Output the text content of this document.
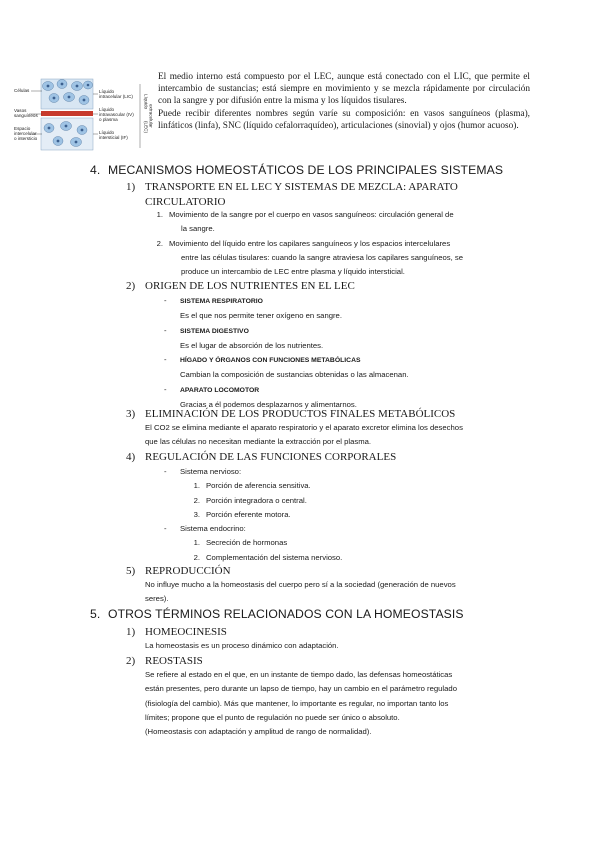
Células
Vasos
sanguíneos
Espacio
intercelular
o intersticio
Líquido
intracelular (LIC)
Líquido
intravascular (IV)
o plasma
Líquido
intersticial (IF)
Líquido
extracelular
(LEC)

El medio interno está compuesto por el LEC, aunque está conectado con el LIC, que permite el intercambio de sustancias; está siempre en movimiento y se mezcla rápidamente por circulación con la sangre y por difusión entre la misma y los líquidos tisulares.

Puede recibir diferentes nombres según varíe su composición: en vasos sanguíneos (plasma), linfáticos (linfa), SNC (líquido cefalorraquídeo), articulaciones (sinovial) y ojos (humor acuoso).

4. MECANISMOS HOMEOSTÁTICOS DE LOS PRINCIPALES SISTEMAS
1) TRANSPORTE EN EL LEC Y SISTEMAS DE MEZCLA: APARATO
CIRCULATORIO
1. Movimiento de la sangre por el cuerpo en vasos sanguíneos: circulación general de
la sangre.
2. Movimiento del líquido entre los capilares sanguíneos y los espacios intercelulares
entre las células tisulares: cuando la sangre atraviesa los capilares sanguíneos, se
produce un intercambio de LEC entre plasma y líquido intersticial.
2) ORIGEN DE LOS NUTRIENTES EN EL LEC
- SISTEMA RESPIRATORIO
Es el que nos permite tener oxígeno en sangre.
- SISTEMA DIGESTIVO
Es el lugar de absorción de los nutrientes.
- HÍGADO Y ÓRGANOS CON FUNCIONES METABÓLICAS
Cambian la composición de sustancias obtenidas o las almacenan.
- APARATO LOCOMOTOR
Gracias a él podemos desplazarnos y alimentarnos.
3) ELIMINACIÓN DE LOS PRODUCTOS FINALES METABÓLICOS
El CO2 se elimina mediante el aparato respiratorio y el aparato excretor elimina los desechos
que las células no necesitan mediante la extracción por el plasma.
4) REGULACIÓN DE LAS FUNCIONES CORPORALES
- Sistema nervioso:
1. Porción de aferencia sensitiva.
2. Porción integradora o central.
3. Porción eferente motora.
- Sistema endocrino:
1. Secreción de hormonas
2. Complementación del sistema nervioso.
5) REPRODUCCIÓN
No influye mucho a la homeostasis del cuerpo pero sí a la sociedad (generación de nuevos
seres).
5. OTROS TÉRMINOS RELACIONADOS CON LA HOMEOSTASIS
1) HOMEOCINESIS
La homeostasis es un proceso dinámico con adaptación.
2) REOSTASIS
Se refiere al estado en el que, en un instante de tiempo dado, las defensas homeostáticas
están presentes, pero durante un lapso de tiempo, hay un cambio en el parámetro regulado
(fisiología del cambio). Más que mantener, lo importante es regular, no importan tanto los
límites; propone que el punto de regulación no puede ser único o absoluto.
(Homeostasis con adaptación y amplitud de rango de normalidad).
